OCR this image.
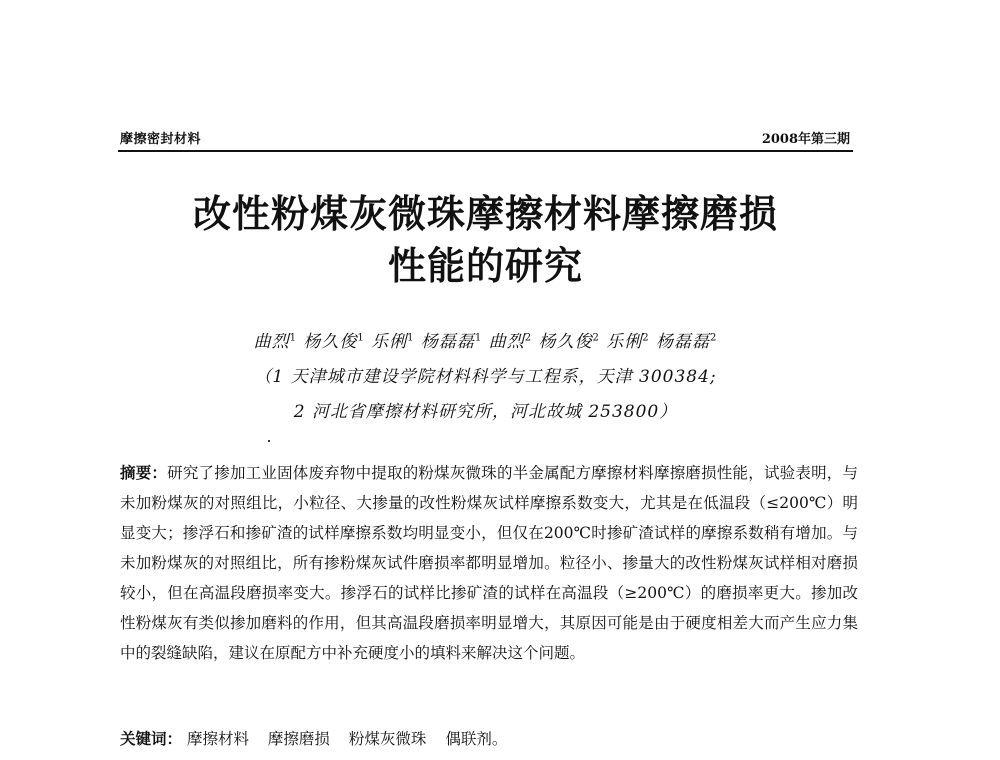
摩擦密封材料	2008年第三期
改性粉煤灰微珠摩擦材料摩擦磨损
性能的研究
曲烈$^1$ 杨久俊$^1$ 乐俐$^1$ 杨磊磊$^1$ 曲烈$^2$ 杨久俊$^2$ 乐俐$^2$ 杨磊磊$^2$
（1 天津城市建设学院材料科学与工程系，天津 300384;
2 河北省摩擦材料研究所，河北故城 253800）
摘要：研究了掺加工业固体废弃物中提取的粉煤灰微珠的半金属配方摩擦材料摩擦磨损性能，试验表明，与未加粉煤灰的对照组比，小粒径、大掺量的改性粉煤灰试样摩擦系数变大，尤其是在低温段（≤200℃）明显变大；掺浮石和掺矿渣的试样摩擦系数均明显变小，但仅在200℃时掺矿渣试样的摩擦系数稍有增加。与未加粉煤灰的对照组比，所有掺粉煤灰试件磨损率都明显增加。粒径小、掺量大的改性粉煤灰试样相对磨损较小，但在高温段磨损率变大。掺浮石的试样比掺矿渣的试样在高温段（≥200℃）的磨损率更大。掺加改性粉煤灰有类似掺加磨料的作用，但其高温段磨损率明显增大，其原因可能是由于硬度相差大而产生应力集中的裂缝缺陷，建议在原配方中补充硬度小的填料来解决这个问题。
关键词： 摩擦材料 摩擦磨损 粉煤灰微珠 偶联剂。
